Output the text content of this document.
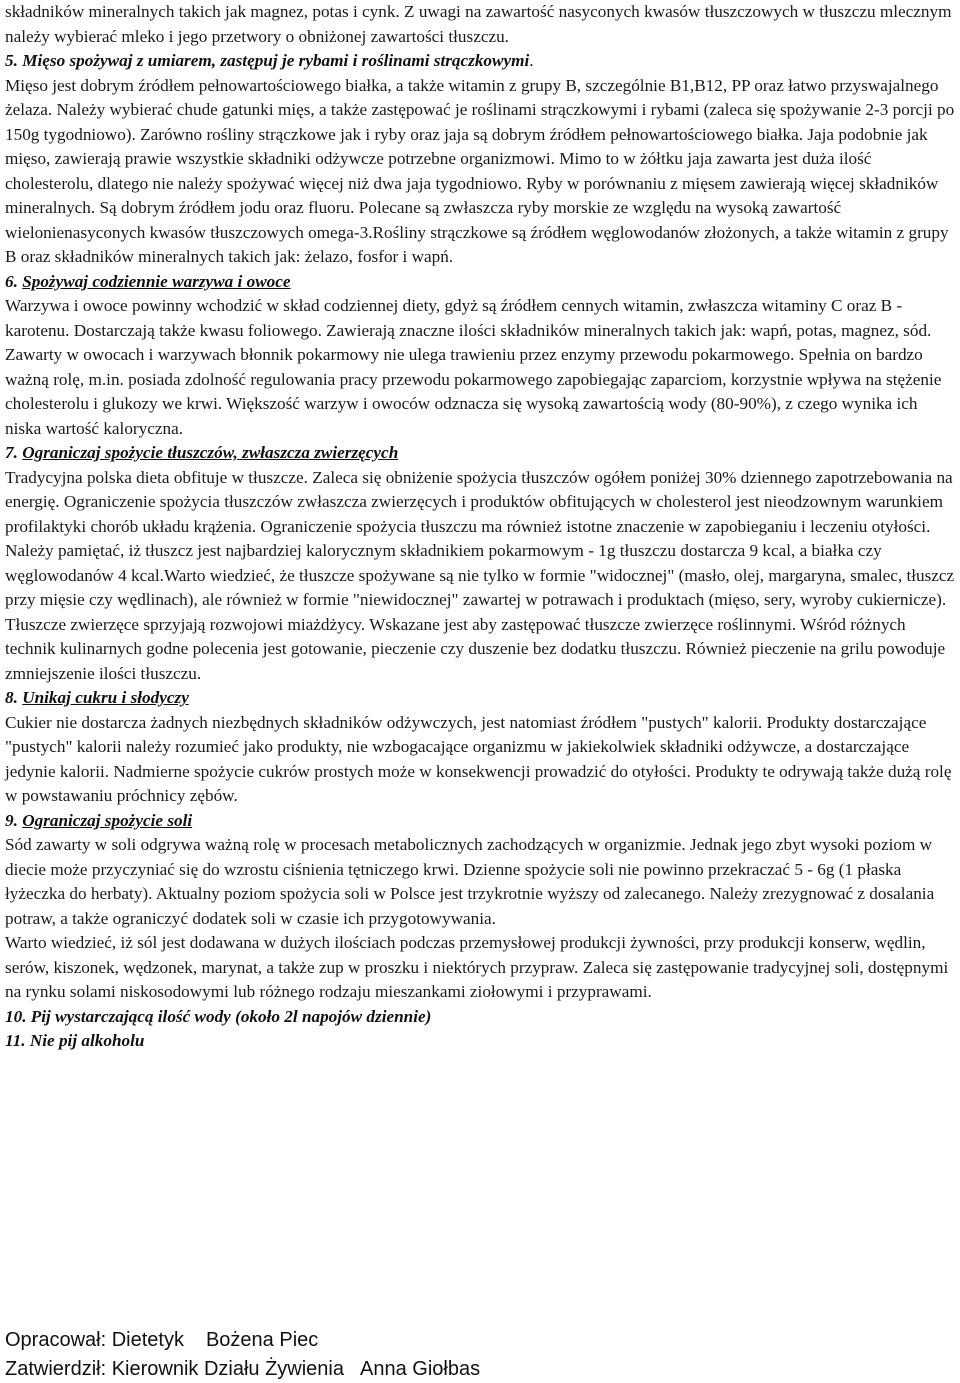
składników mineralnych takich jak magnez, potas i cynk. Z uwagi na zawartość nasyconych kwasów tłuszczowych w tłuszczu mlecznym należy wybierać mleko i jego przetwory o obniżonej zawartości tłuszczu.

5. Mięso spożywaj z umiarem, zastępuj je rybami i roślinami strączkowymi.

Mięso jest dobrym źródłem pełnowartościowego białka, a także witamin z grupy B, szczególnie B1,B12, PP oraz łatwo przyswajalnego żelaza. Należy wybierać chude gatunki mięs, a także zastępować je roślinami strączkowymi i rybami (zaleca się spożywanie 2-3 porcji po 150g tygodniowo). Zarówno rośliny strączkowe jak i ryby oraz jaja są dobrym źródłem pełnowartościowego białka. Jaja podobnie jak mięso, zawierają prawie wszystkie składniki odżywcze potrzebne organizmowi. Mimo to w żółtku jaja zawarta jest duża ilość cholesterolu, dlatego nie należy spożywać więcej niż dwa jaja tygodniowo. Ryby w porównaniu z mięsem zawierają więcej składników mineralnych. Są dobrym źródłem jodu oraz fluoru. Polecane są zwłaszcza ryby morskie ze względu na wysoką zawartość wielonienasyconych kwasów tłuszczowych omega-3.Rośliny strączkowe są źródłem węglowodanów złożonych, a także witamin z grupy B oraz składników mineralnych takich jak: żelazo, fosfor i wapń.

6. Spożywaj codziennie warzywa i owoce

Warzywa i owoce powinny wchodzić w skład codziennej diety, gdyż są źródłem cennych witamin, zwłaszcza witaminy C oraz B - karotenu. Dostarczają także kwasu foliowego. Zawierają znaczne ilości składników mineralnych takich jak: wapń, potas, magnez, sód. Zawarty w owocach i warzywach błonnik pokarmowy nie ulega trawieniu przez enzymy przewodu pokarmowego. Spełnia on bardzo ważną rolę, m.in. posiada zdolność regulowania pracy przewodu pokarmowego zapobiegając zaparciom, korzystnie wpływa na stężenie cholesterolu i glukozy we krwi. Większość warzyw i owoców odznacza się wysoką zawartością wody (80-90%), z czego wynika ich niska wartość kaloryczna.

7. Ograniczaj spożycie tłuszczów, zwłaszcza zwierzęcych

Tradycyjna polska dieta obfituje w tłuszcze. Zaleca się obniżenie spożycia tłuszczów ogółem poniżej 30% dziennego zapotrzebowania na energię. Ograniczenie spożycia tłuszczów zwłaszcza zwierzęcych i produktów obfitujących w cholesterol jest nieodzownym warunkiem profilaktyki chorób układu krążenia. Ograniczenie spożycia tłuszczu ma również istotne znaczenie w zapobieganiu i leczeniu otyłości. Należy pamiętać, iż tłuszcz jest najbardziej kalorycznym składnikiem pokarmowym - 1g tłuszczu dostarcza 9 kcal, a białka czy węglowodanów 4 kcal.Warto wiedzieć, że tłuszcze spożywane są nie tylko w formie "widocznej" (masło, olej, margaryna, smalec, tłuszcz przy mięsie czy wędlinach), ale również w formie "niewidocznej" zawartej w potrawach i produktach (mięso, sery, wyroby cukiernicze). Tłuszcze zwierzęce sprzyjają rozwojowi miażdżycy. Wskazane jest aby zastępować tłuszcze zwierzęce roślinnymi. Wśród różnych technik kulinarnych godne polecenia jest gotowanie, pieczenie czy duszenie bez dodatku tłuszczu. Również pieczenie na grilu powoduje zmniejszenie ilości tłuszczu.

8. Unikaj cukru i słodyczy

Cukier nie dostarcza żadnych niezbędnych składników odżywczych, jest natomiast źródłem "pustych" kalorii. Produkty dostarczające "pustych" kalorii należy rozumieć jako produkty, nie wzbogacające organizmu w jakiekolwiek składniki odżywcze, a dostarczające jedynie kalorii. Nadmierne spożycie cukrów prostych może w konsekwencji prowadzić do otyłości. Produkty te odrywają także dużą rolę w powstawaniu próchnicy zębów.

9. Ograniczaj spożycie soli

Sód zawarty w soli odgrywa ważną rolę w procesach metabolicznych zachodzących w organizmie. Jednak jego zbyt wysoki poziom w diecie może przyczyniać się do wzrostu ciśnienia tętniczego krwi. Dzienne spożycie soli nie powinno przekraczać 5 - 6g (1 płaska łyżeczka do herbaty). Aktualny poziom spożycia soli w Polsce jest trzykrotnie wyższy od zalecanego. Należy zrezygnować z dosalania potraw, a także ograniczyć dodatek soli w czasie ich przygotowywania.

Warto wiedzieć, iż sól jest dodawana w dużych ilościach podczas przemysłowej produkcji żywności, przy produkcji konserw, wędlin, serów, kiszonek, wędzonek, marynat, a także zup w proszku i niektórych przypraw. Zaleca się zastępowanie tradycyjnej soli, dostępnymi na rynku solami niskosodowymi lub różnego rodzaju mieszankami ziołowymi i przyprawami.

10. Pij wystarczającą ilość wody (około 2l napojów dziennie)

11. Nie pij alkoholu

Opracował: Dietetyk Bożena Piec
Zatwierdził: Kierownik Działu Żywienia Anna Giołbas
